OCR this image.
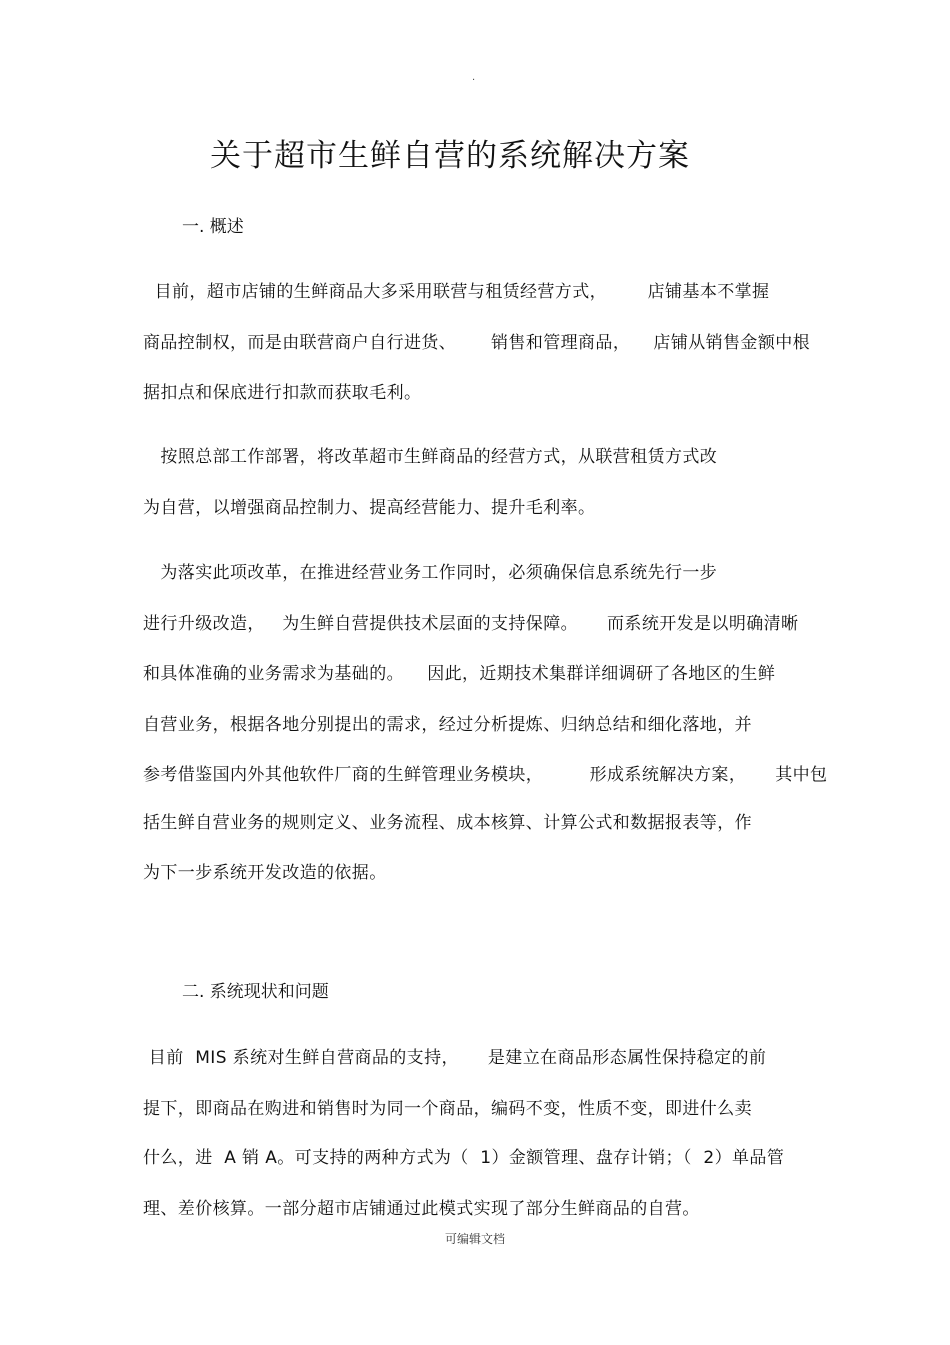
.
关于超市生鲜自营的系统解决方案
一. 概述
目前，超市店铺的生鲜商品大多采用联营与租赁经营方式，       店铺基本不掌握
商品控制权，而是由联营商户自行进货、      销售和管理商品，    店铺从销售金额中根
据扣点和保底进行扣款而获取毛利。
按照总部工作部署，将改革超市生鲜商品的经营方式，从联营租赁方式改
为自营，以增强商品控制力、提高经营能力、提升毛利率。
为落实此项改革，在推进经营业务工作同时，必须确保信息系统先行一步
进行升级改造，   为生鲜自营提供技术层面的支持保障。     而系统开发是以明确清晰
和具体准确的业务需求为基础的。    因此，近期技术集群详细调研了各地区的生鲜
自营业务，根据各地分别提出的需求，经过分析提炼、归纳总结和细化落地，并
参考借鉴国内外其他软件厂商的生鲜管理业务模块，        形成系统解决方案，     其中包
括生鲜自营业务的规则定义、业务流程、成本核算、计算公式和数据报表等，作
为下一步系统开发改造的依据。
二. 系统现状和问题
目前  MIS 系统对生鲜自营商品的支持，     是建立在商品形态属性保持稳定的前
提下，即商品在购进和销售时为同一个商品，编码不变，性质不变，即进什么卖
什么，进  A 销 A。可支持的两种方式为（  1）金额管理、盘存计销；（  2）单品管
理、差价核算。一部分超市店铺通过此模式实现了部分生鲜商品的自营。
可编辑文档
